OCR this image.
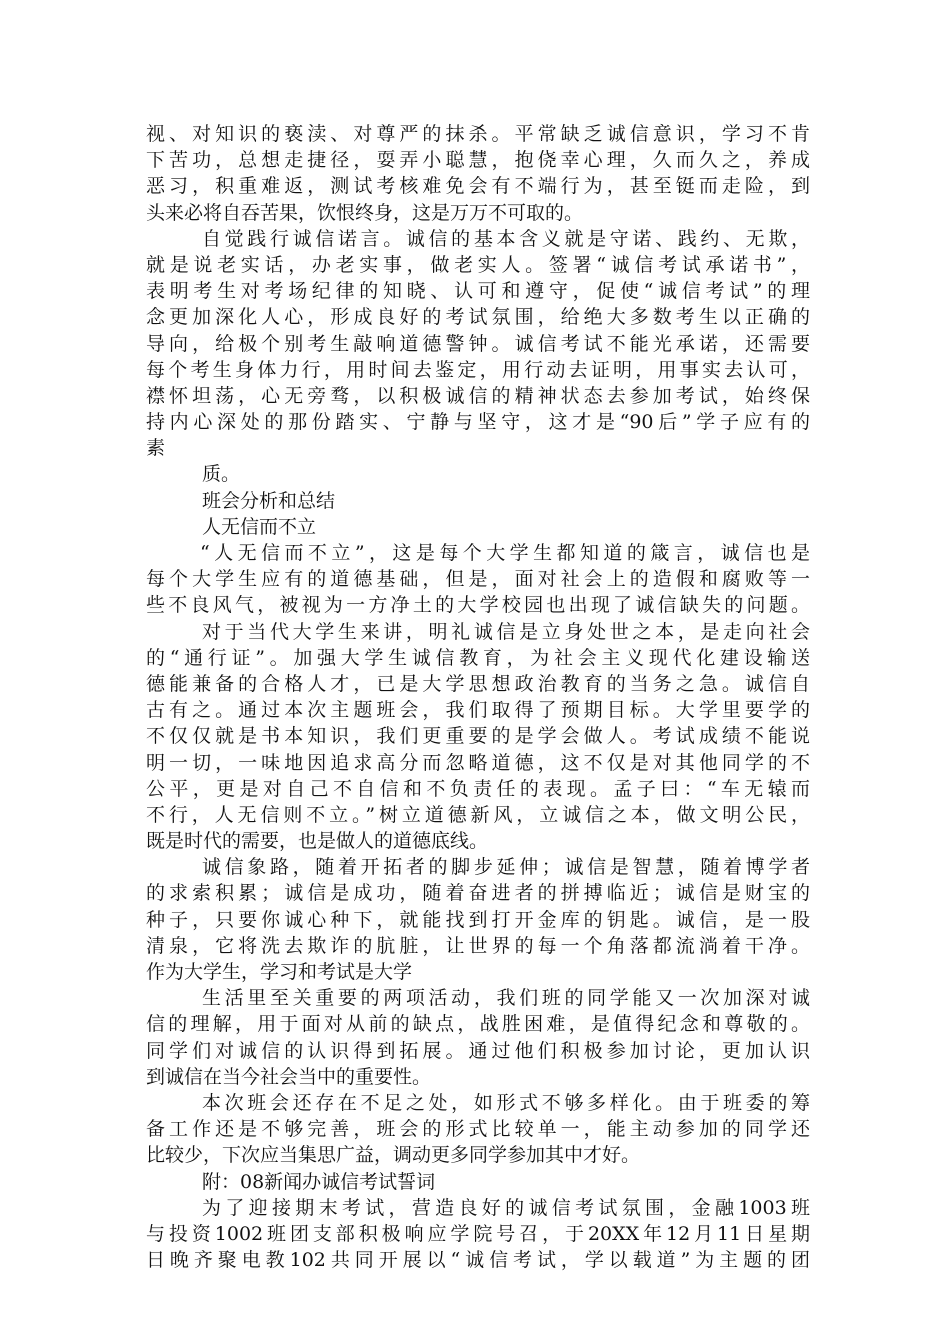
视、对知识的亵渎、对尊严的抹杀。平常缺乏诚信意识，学习不肯
下苦功，总想走捷径，耍弄小聪慧，抱侥幸心理，久而久之，养成
恶习，积重难返，测试考核难免会有不端行为，甚至铤而走险，到
头来必将自吞苦果，饮恨终身，这是万万不可取的。
自觉践行诚信诺言。诚信的基本含义就是守诺、践约、无欺，
就是说老实话，办老实事，做老实人。签署“诚信考试承诺书”，
表明考生对考场纪律的知晓、认可和遵守，促使“诚信考试”的理
念更加深化人心，形成良好的考试氛围，给绝大多数考生以正确的
导向，给极个别考生敲响道德警钟。诚信考试不能光承诺，还需要
每个考生身体力行，用时间去鉴定，用行动去证明，用事实去认可，
襟怀坦荡，心无旁骛，以积极诚信的精神状态去参加考试，始终保
持内心深处的那份踏实、宁静与坚守，这才是“90后”学子应有的
素
质。
班会分析和总结
人无信而不立
“人无信而不立”，这是每个大学生都知道的箴言，诚信也是
每个大学生应有的道德基础，但是，面对社会上的造假和腐败等一
些不良风气，被视为一方净土的大学校园也出现了诚信缺失的问题。
对于当代大学生来讲，明礼诚信是立身处世之本，是走向社会
的“通行证”。加强大学生诚信教育，为社会主义现代化建设输送
德能兼备的合格人才，已是大学思想政治教育的当务之急。诚信自
古有之。通过本次主题班会，我们取得了预期目标。大学里要学的
不仅仅就是书本知识，我们更重要的是学会做人。考试成绩不能说
明一切，一味地因追求高分而忽略道德，这不仅是对其他同学的不
公平，更是对自己不自信和不负责任的表现。孟子曰：“车无辕而
不行，人无信则不立。”树立道德新风，立诚信之本，做文明公民，
既是时代的需要，也是做人的道德底线。
诚信象路，随着开拓者的脚步延伸；诚信是智慧，随着博学者
的求索积累；诚信是成功，随着奋进者的拼搏临近；诚信是财宝的
种子，只要你诚心种下，就能找到打开金库的钥匙。诚信，是一股
清泉，它将洗去欺诈的肮脏，让世界的每一个角落都流淌着干净。
作为大学生，学习和考试是大学
生活里至关重要的两项活动，我们班的同学能又一次加深对诚
信的理解，用于面对从前的缺点，战胜困难，是值得纪念和尊敬的。
同学们对诚信的认识得到拓展。通过他们积极参加讨论，更加认识
到诚信在当今社会当中的重要性。
本次班会还存在不足之处，如形式不够多样化。由于班委的筹
备工作还是不够完善，班会的形式比较单一，能主动参加的同学还
比较少，下次应当集思广益，调动更多同学参加其中才好。
附：08新闻办诚信考试誓词
为了迎接期末考试，营造良好的诚信考试氛围，金融1003班
与投资1002班团支部积极响应学院号召，于20XX年12月11日星期
日晚齐聚电教102共同开展以“诚信考试，学以载道”为主题的团
